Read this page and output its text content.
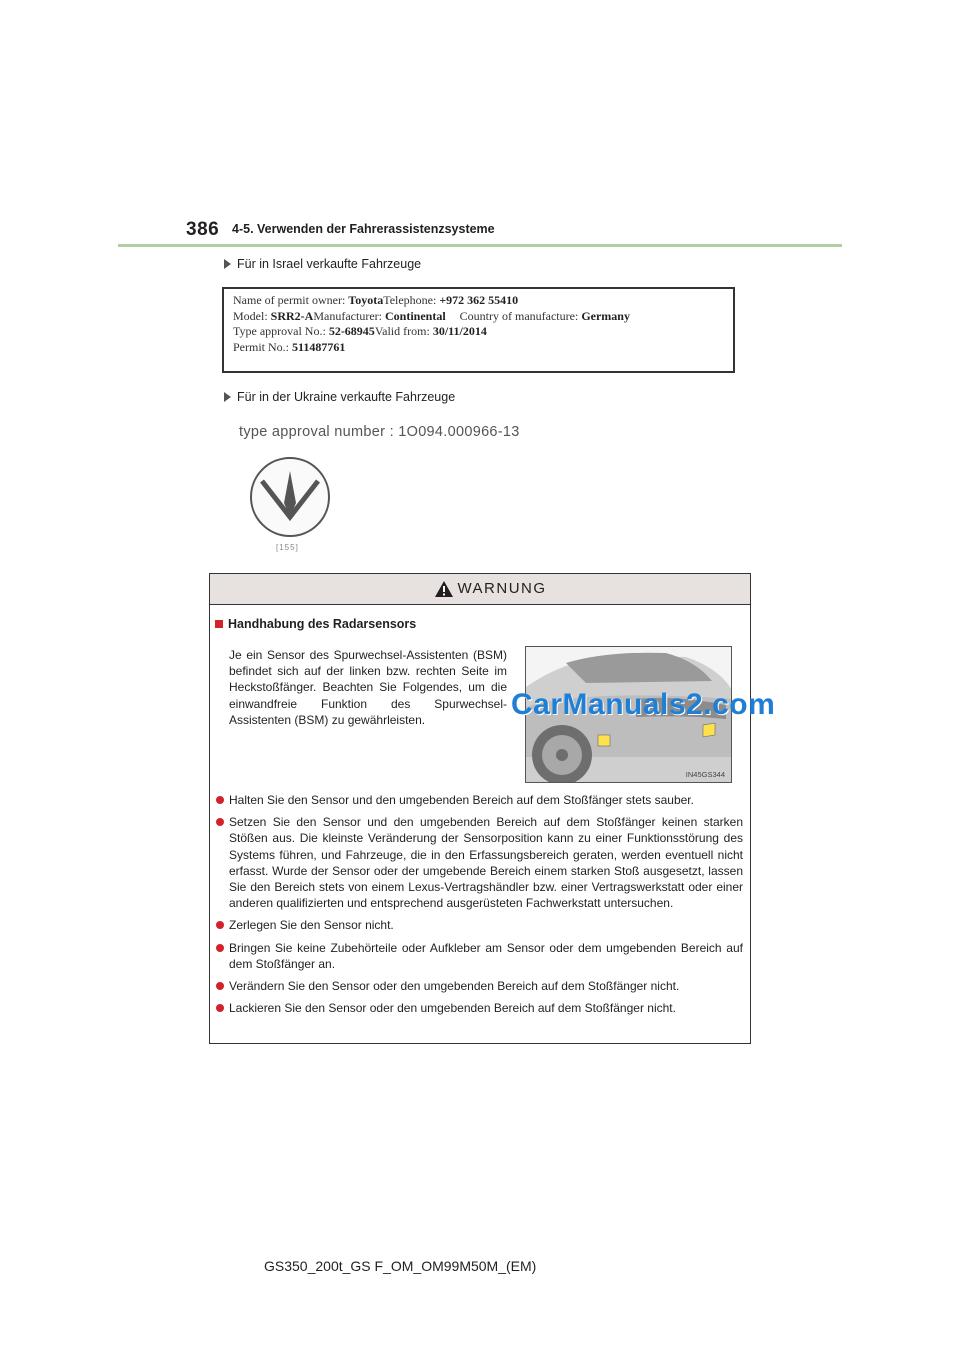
386 4-5. Verwenden der Fahrerassistenzsysteme
Für in Israel verkaufte Fahrzeuge
Name of permit owner: ToyotaTelephone: +972 362 55410
Model: SRR2-AManufacturer: Continental Country of manufacture: Germany
Type approval No.: 52-68945Valid from: 30/11/2014
Permit No.: 511487761
Für in der Ukraine verkaufte Fahrzeuge
type approval number : 1O094.000966-13
[155]
WARNUNG
Handhabung des Radarsensors
Je ein Sensor des Spurwechsel-Assistenten (BSM) befindet sich auf der linken bzw. rechten Seite im Heckstoßfänger. Beachten Sie Folgendes, um die einwandfreie Funktion des Spurwechsel-Assistenten (BSM) zu gewährleisten.
IN45GS344
CarManuals2.com
Halten Sie den Sensor und den umgebenden Bereich auf dem Stoßfänger stets sauber.
Setzen Sie den Sensor und den umgebenden Bereich auf dem Stoßfänger keinen starken Stößen aus. Die kleinste Veränderung der Sensorposition kann zu einer Funktionsstörung des Systems führen, und Fahrzeuge, die in den Erfassungsbereich geraten, werden eventuell nicht erfasst. Wurde der Sensor oder der umgebende Bereich einem starken Stoß ausgesetzt, lassen Sie den Bereich stets von einem Lexus-Vertragshändler bzw. einer Vertragswerkstatt oder einer anderen qualifizierten und entsprechend ausgerüsteten Fachwerkstatt untersuchen.
Zerlegen Sie den Sensor nicht.
Bringen Sie keine Zubehörteile oder Aufkleber am Sensor oder dem umgebenden Bereich auf dem Stoßfänger an.
Verändern Sie den Sensor oder den umgebenden Bereich auf dem Stoßfänger nicht.
Lackieren Sie den Sensor oder den umgebenden Bereich auf dem Stoßfänger nicht.
GS350_200t_GS F_OM_OM99M50M_(EM)
